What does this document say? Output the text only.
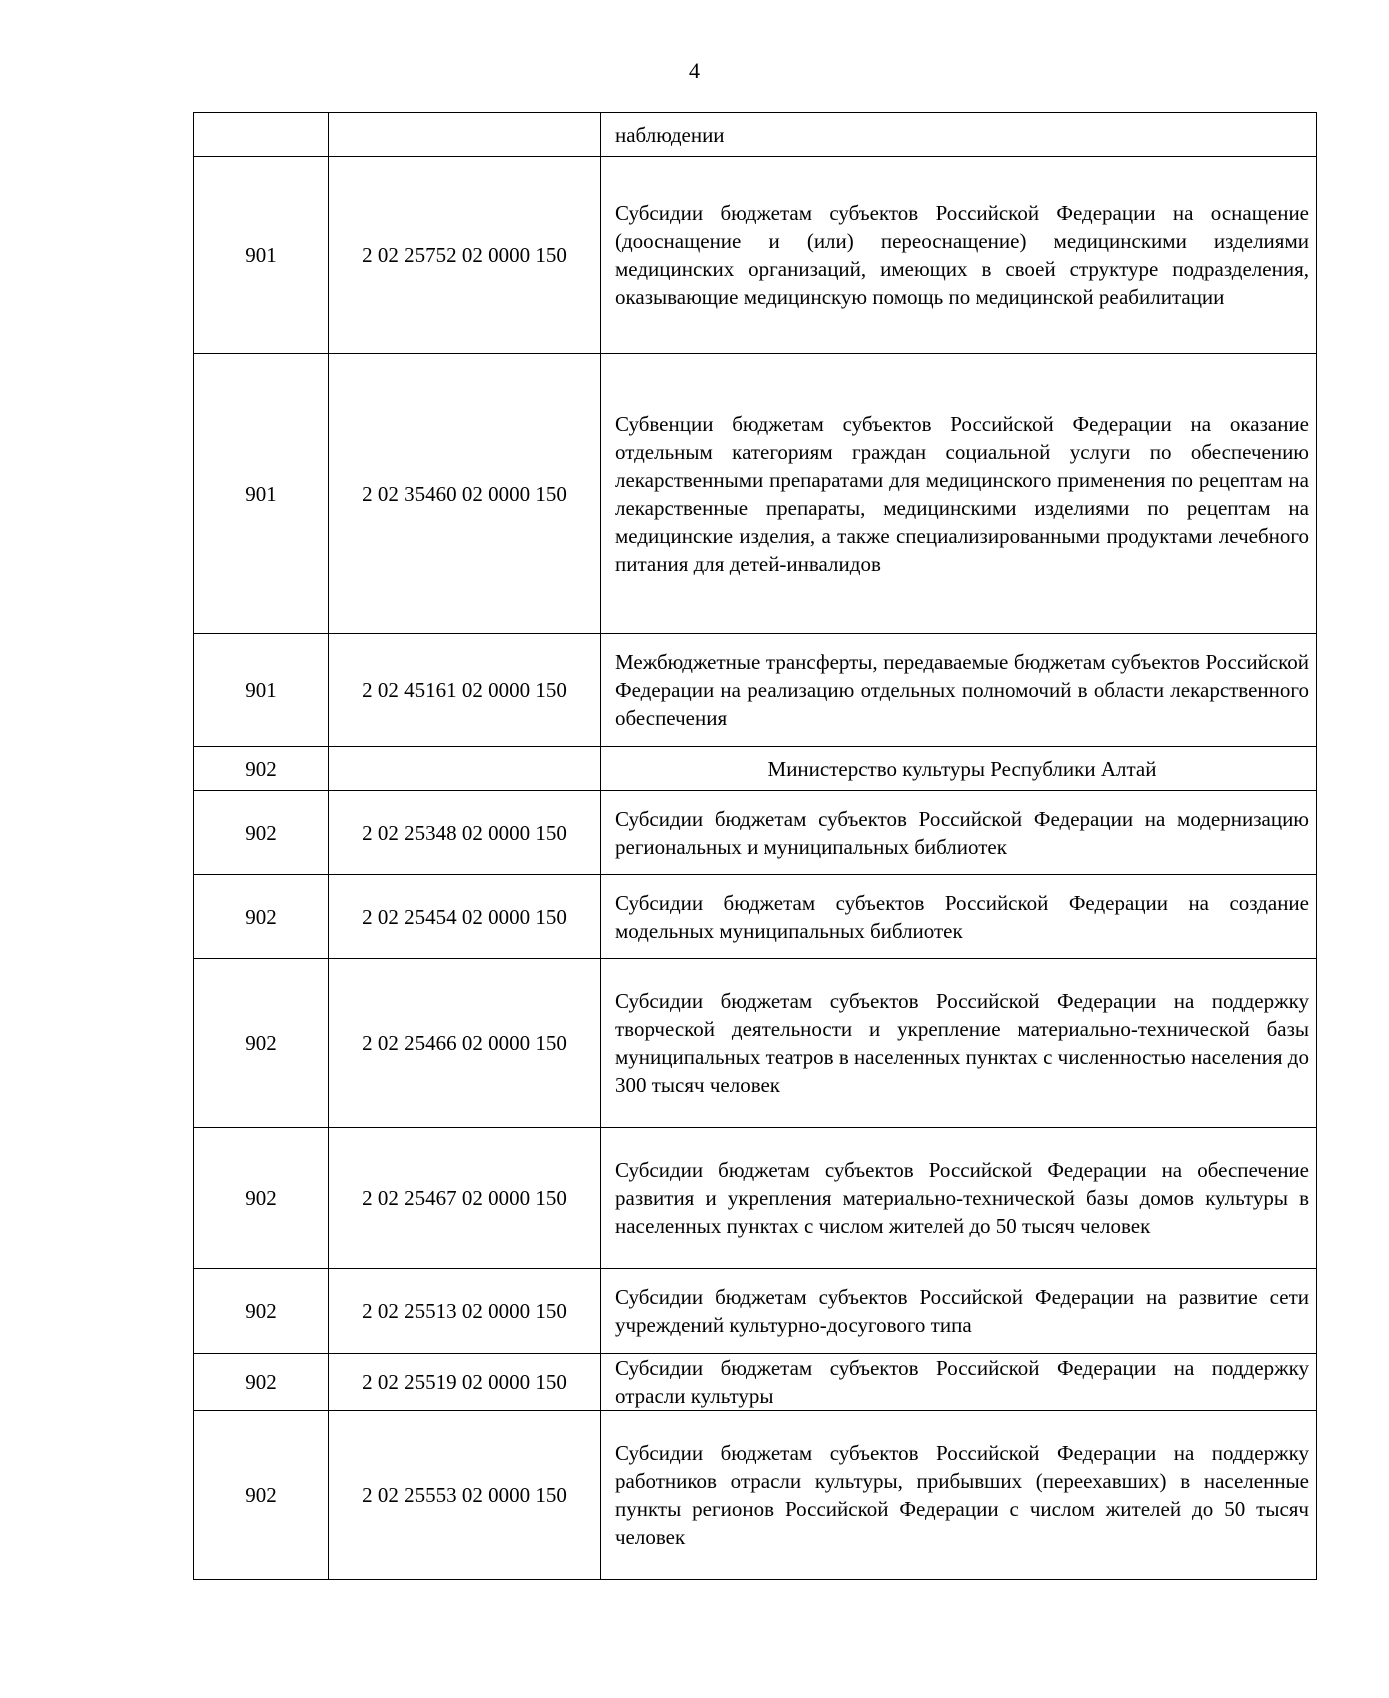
4
		наблюдении
901	2 02 25752 02 0000 150	Субсидии бюджетам субъектов Российской Федерации на оснащение (дооснащение и (или) переоснащение) медицинскими изделиями медицинских организаций, имеющих в своей структуре подразделения, оказывающие медицинскую помощь по медицинской реабилитации
901	2 02 35460 02 0000 150	Субвенции бюджетам субъектов Российской Федерации на оказание отдельным категориям граждан социальной услуги по обеспечению лекарственными препаратами для медицинского применения по рецептам на лекарственные препараты, медицинскими изделиями по рецептам на медицинские изделия, а также специализированными продуктами лечебного питания для детей-инвалидов
901	2 02 45161 02 0000 150	Межбюджетные трансферты, передаваемые бюджетам субъектов Российской Федерации на реализацию отдельных полномочий в области лекарственного обеспечения
902		Министерство культуры Республики Алтай
902	2 02 25348 02 0000 150	Субсидии бюджетам субъектов Российской Федерации на модернизацию региональных и муниципальных библиотек
902	2 02 25454 02 0000 150	Субсидии бюджетам субъектов Российской Федерации на создание модельных муниципальных библиотек
902	2 02 25466 02 0000 150	Субсидии бюджетам субъектов Российской Федерации на поддержку творческой деятельности и укрепление материально-технической базы муниципальных театров в населенных пунктах с численностью населения до 300 тысяч человек
902	2 02 25467 02 0000 150	Субсидии бюджетам субъектов Российской Федерации на обеспечение развития и укрепления материально-технической базы домов культуры в населенных пунктах с числом жителей до 50 тысяч человек
902	2 02 25513 02 0000 150	Субсидии бюджетам субъектов Российской Федерации на развитие сети учреждений культурно-досугового типа
902	2 02 25519 02 0000 150	Субсидии бюджетам субъектов Российской Федерации на поддержку отрасли культуры
902	2 02 25553 02 0000 150	Субсидии бюджетам субъектов Российской Федерации на поддержку работников отрасли культуры, прибывших (переехавших) в населенные пункты регионов Российской Федерации с числом жителей до 50 тысяч человек
